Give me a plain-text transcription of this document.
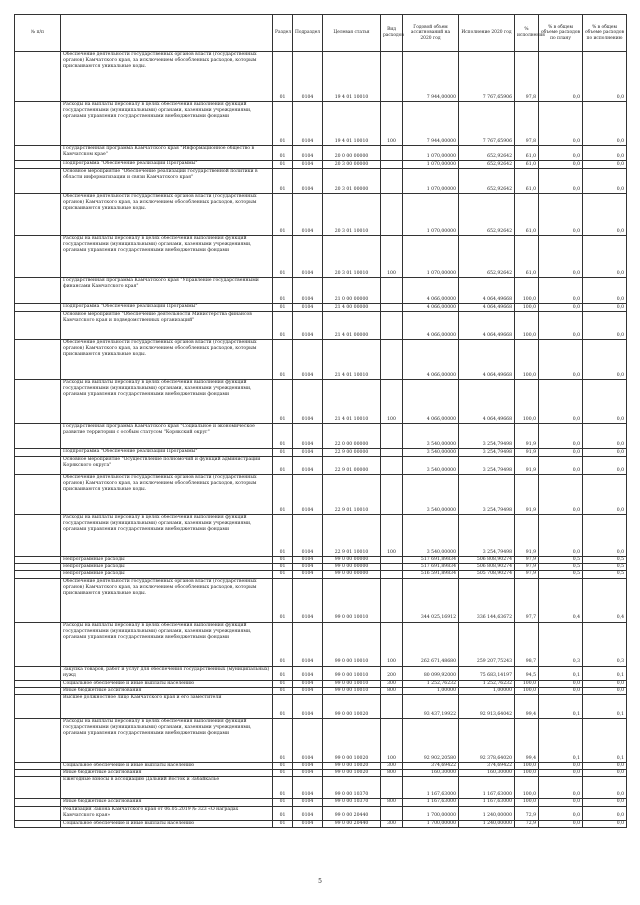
№ п/п		Раздел	Подраздел	Целевая статья	Вид расходов	Годовой объем ассигнований на 2020 год	Исполнение 2020 год	% исполнения	% в общем объеме расходов по плану	% в общем объеме расходов по исполнению
	Обеспечение деятельности государственных органов власти (государственных органов) Камчатского края, за исключением обособленных расходов, которым присваиваются уникальные коды.	01	0104	19 4 01 10010		7 944,00000	7 767,65906	97,8	0,0	0,0
	Расходы на выплаты персоналу в целях обеспечения выполнения функций государственными (муниципальными) органами, казенными учреждениями, органами управления государственными внебюджетными фондами	01	0104	19 4 01 10010	100	7 944,00000	7 767,65906	97,8	0,0	0,0
	Государственная программа Камчатского края "Информационное общество в Камчатском крае"	01	0104	20 0 00 00000		1 070,00000	652,92642	61,0	0,0	0,0
	Подпрограмма "Обеспечение реализации Программы"	01	0104	20 3 00 00000		1 070,00000	652,92642	61,0	0,0	0,0
	Основное мероприятие "Обеспечение реализации государственной политики в области информатизации и связи Камчатского края"	01	0104	20 3 01 00000		1 070,00000	652,92642	61,0	0,0	0,0
	Обеспечение деятельности государственных органов власти (государственных органов) Камчатского края, за исключением обособленных расходов, которым присваиваются уникальные коды.	01	0104	20 3 01 10010		1 070,00000	652,92642	61,0	0,0	0,0
	Расходы на выплаты персоналу в целях обеспечения выполнения функций государственными (муниципальными) органами, казенными учреждениями, органами управления государственными внебюджетными фондами	01	0104	20 3 01 10010	100	1 070,00000	652,92642	61,0	0,0	0,0
	Государственная программа Камчатского края "Управление государственными финансами Камчатского края"	01	0104	21 0 00 00000		4 066,00000	4 064,49668	100,0	0,0	0,0
	Подпрограмма "Обеспечение реализации Программы"	01	0104	21 4 00 00000		4 066,00000	4 064,49668	100,0	0,0	0,0
	Основное мероприятие "Обеспечение деятельности Министерства финансов Камчатского края и подведомственных организаций"	01	0104	21 4 01 00000		4 066,00000	4 064,49668	100,0	0,0	0,0
	Обеспечение деятельности государственных органов власти (государственных органов) Камчатского края, за исключением обособленных расходов, которым присваиваются уникальные коды.	01	0104	21 4 01 10010		4 066,00000	4 064,49668	100,0	0,0	0,0
	Расходы на выплаты персоналу в целях обеспечения выполнения функций государственными (муниципальными) органами, казенными учреждениями, органами управления государственными внебюджетными фондами	01	0104	21 4 01 10010	100	4 066,00000	4 064,49668	100,0	0,0	0,0
	Государственная программа Камчатского края "Социальное и экономическое развитие территории с особым статусом "Корякский округ"	01	0104	22 0 00 00000		3 540,00000	3 254,79498	91,9	0,0	0,0
	Подпрограмма "Обеспечение реализации Программы"	01	0104	22 9 00 00000		3 540,00000	3 254,79498	91,9	0,0	0,0
	Основное мероприятие "Осуществление полномочий и функций администрации Корякского округа"	01	0104	22 9 01 00000		3 540,00000	3 254,79498	91,9	0,0	0,0
	Обеспечение деятельности государственных органов власти (государственных органов) Камчатского края, за исключением обособленных расходов, которым присваиваются уникальные коды.	01	0104	22 9 01 10010		3 540,00000	3 254,79498	91,9	0,0	0,0
	Расходы на выплаты персоналу в целях обеспечения выполнения функций государственными (муниципальными) органами, казенными учреждениями, органами управления государственными внебюджетными фондами	01	0104	22 9 01 10010	100	3 540,00000	3 254,79498	91,9	0,0	0,0
	Непрограммные расходы	01	0104	99 0 00 00000		517 691,89834	506 808,90274	97,9	0,5	0,5
	Непрограммные расходы	01	0104	99 0 00 00000		517 691,89834	506 808,90274	97,9	0,5	0,5
	Непрограммные расходы	01	0104	99 0 00 00000		516 591,89834	505 708,90274	97,9	0,5	0,5
	Обеспечение деятельности государственных органов власти (государственных органов) Камчатского края, за исключением обособленных расходов, которым присваиваются уникальные коды.	01	0104	99 0 00 10010		344 025,16912	336 144,63672	97,7	0,4	0,4
	Расходы на выплаты персоналу в целях обеспечения выполнения функций государственными (муниципальными) органами, казенными учреждениями, органами управления государственными внебюджетными фондами	01	0104	99 0 00 10010	100	262 671,48680	259 207,75243	98,7	0,3	0,3
	Закупка товаров, работ и услуг для обеспечения государственных (муниципальных) нужд	01	0104	99 0 00 10010	200	80 099,92000	75 683,14197	94,5	0,1	0,1
	Социальное обеспечение и иные выплаты населению	01	0104	99 0 00 10010	300	1 252,76232	1 252,76232	100,0	0,0	0,0
	Иные бюджетные ассигнования	01	0104	99 0 00 10010	800	1,00000	1,00000	100,0	0,0	0,0
	Высшее должностное лицо Камчатского края и его заместители	01	0104	99 0 00 10020		93 437,19922	92 913,64042	99,4	0,1	0,1
	Расходы на выплаты персоналу в целях обеспечения выполнения функций государственными (муниципальными) органами, казенными учреждениями, органами управления государственными внебюджетными фондами	01	0104	99 0 00 10020	100	92 902,20580	92 378,64020	99,4	0,1	0,1
	Социальное обеспечение и иные выплаты населению	01	0104	99 0 00 10020	300	374,69422	374,69422	100,0	0,0	0,0
	Иные бюджетные ассигнования	01	0104	99 0 00 10020	800	160,30000	160,30000	100,0	0,0	0,0
	Ежегодные взносы в ассоциацию Дальний Восток и Забайкалье	01	0104	99 0 00 10370		1 167,63000	1 167,63000	100,0	0,0	0,0
	Иные бюджетные ассигнования	01	0104	99 0 00 10370	800	1 167,63000	1 167,63000	100,0	0,0	0,0
	Реализация Закона Камчатского края от 06.05.2019 № 323 «О наградах Камчатского края»	01	0104	99 0 00 20440		1 700,00000	1 240,00000	72,9	0,0	0,0
	Социальное обеспечение и иные выплаты населению	01	0104	99 0 00 20440	300	1 700,00000	1 240,00000	72,9	0,0	0,0
5
